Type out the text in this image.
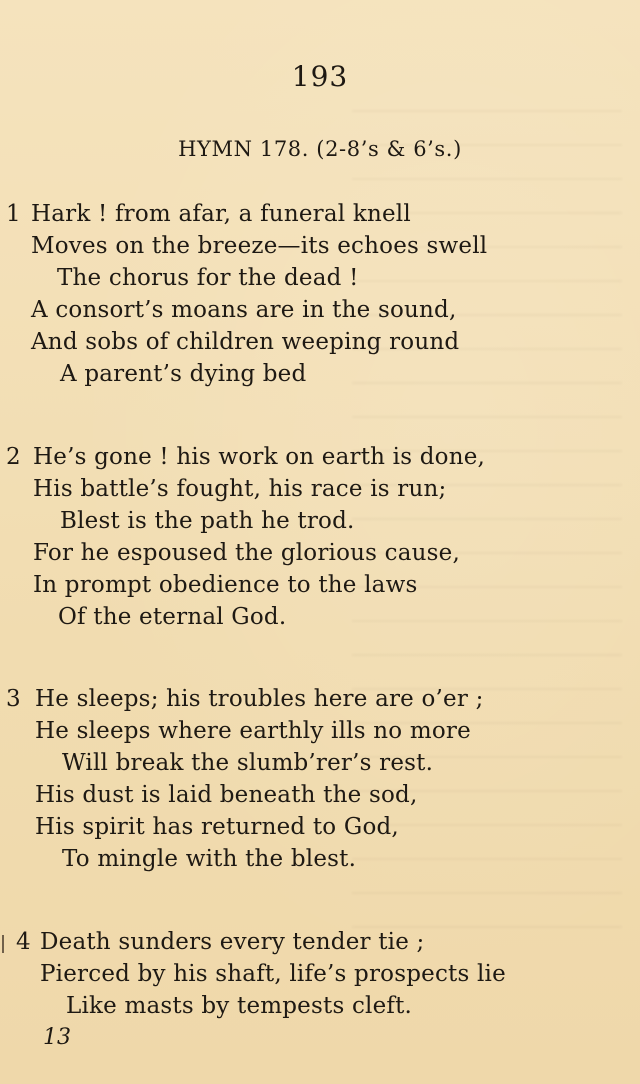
193
HYMN 178. (2-8’s & 6’s.)
1 Hark ! from afar, a funeral knell
Moves on the breeze—its echoes swell
The chorus for the dead !
A consort’s moans are in the sound,
And sobs of children weeping round
A parent’s dying bed
2 He’s gone ! his work on earth is done,
His battle’s fought, his race is run;
Blest is the path he trod.
For he espoused the glorious cause,
In prompt obedience to the laws
Of the eternal God.
3 He sleeps; his troubles here are o’er ;
He sleeps where earthly ills no more
Will break the slumb’rer’s rest.
His dust is laid beneath the sod,
His spirit has returned to God,
To mingle with the blest.
4 Death sunders every tender tie ;
Pierced by his shaft, life’s prospects lie
Like masts by tempests cleft.
13
